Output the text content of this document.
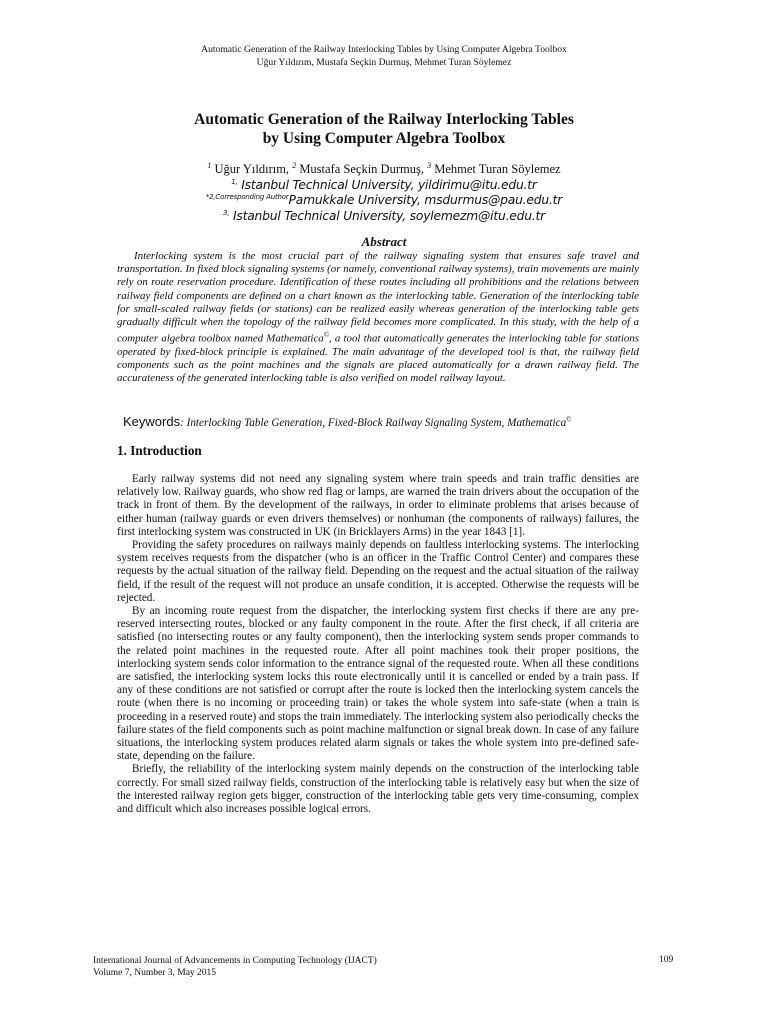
Automatic Generation of the Railway Interlocking Tables by Using Computer Algebra Toolbox
Uğur Yıldırım, Mustafa Seçkin Durmuş, Mehmet Turan Söylemez
Automatic Generation of the Railway Interlocking Tables
by Using Computer Algebra Toolbox
$^1$ Uğur Yıldırım, $^2$ Mustafa Seçkin Durmuş, $^3$ Mehmet Turan Söylemez
$^{1,}$ Istanbul Technical University, yildirimu@itu.edu.tr
$^{*2,Corresponding Author}$Pamukkale University, msdurmus@pau.edu.tr
$^{3,}$ Istanbul Technical University, soylemezm@itu.edu.tr
Abstract
Interlocking system is the most crucial part of the railway signaling system that ensures safe travel and transportation. In fixed block signaling systems (or namely, conventional railway systems), train movements are mainly rely on route reservation procedure. Identification of these routes including all prohibitions and the relations between railway field components are defined on a chart known as the interlocking table. Generation of the interlocking table for small-scaled railway fields (or stations) can be realized easily whereas generation of the interlocking table gets gradually difficult when the topology of the railway field becomes more complicated. In this study, with the help of a computer algebra toolbox named Mathematica©, a tool that automatically generates the interlocking table for stations operated by fixed-block principle is explained. The main advantage of the developed tool is that, the railway field components such as the point machines and the signals are placed automatically for a drawn railway field. The accurateness of the generated interlocking table is also verified on model railway layout.
Keywords: Interlocking Table Generation, Fixed-Block Railway Signaling System, Mathematica©
1. Introduction

Early railway systems did not need any signaling system where train speeds and train traffic densities are relatively low. Railway guards, who show red flag or lamps, are warned the train drivers about the occupation of the track in front of them. By the development of the railways, in order to eliminate problems that arises because of either human (railway guards or even drivers themselves) or nonhuman (the components of railways) failures, the first interlocking system was constructed in UK (in Bricklayers Arms) in the year 1843 [1].

Providing the safety procedures on railways mainly depends on faultless interlocking systems. The interlocking system receives requests from the dispatcher (who is an officer in the Traffic Control Center) and compares these requests by the actual situation of the railway field. Depending on the request and the actual situation of the railway field, if the result of the request will not produce an unsafe condition, it is accepted. Otherwise the requests will be rejected.

By an incoming route request from the dispatcher, the interlocking system first checks if there are any pre-reserved intersecting routes, blocked or any faulty component in the route. After the first check, if all criteria are satisfied (no intersecting routes or any faulty component), then the interlocking system sends proper commands to the related point machines in the requested route. After all point machines took their proper positions, the interlocking system sends color information to the entrance signal of the requested route. When all these conditions are satisfied, the interlocking system locks this route electronically until it is cancelled or ended by a train pass. If any of these conditions are not satisfied or corrupt after the route is locked then the interlocking system cancels the route (when there is no incoming or proceeding train) or takes the whole system into safe-state (when a train is proceeding in a reserved route) and stops the train immediately. The interlocking system also periodically checks the failure states of the field components such as point machine malfunction or signal break down. In case of any failure situations, the interlocking system produces related alarm signals or takes the whole system into pre-defined safe-state, depending on the failure.

Briefly, the reliability of the interlocking system mainly depends on the construction of the interlocking table correctly. For small sized railway fields, construction of the interlocking table is relatively easy but when the size of the interested railway region gets bigger, construction of the interlocking table gets very time-consuming, complex and difficult which also increases possible logical errors.

International Journal of Advancements in Computing Technology (IJACT)
Volume 7, Number 3, May 2015
109
